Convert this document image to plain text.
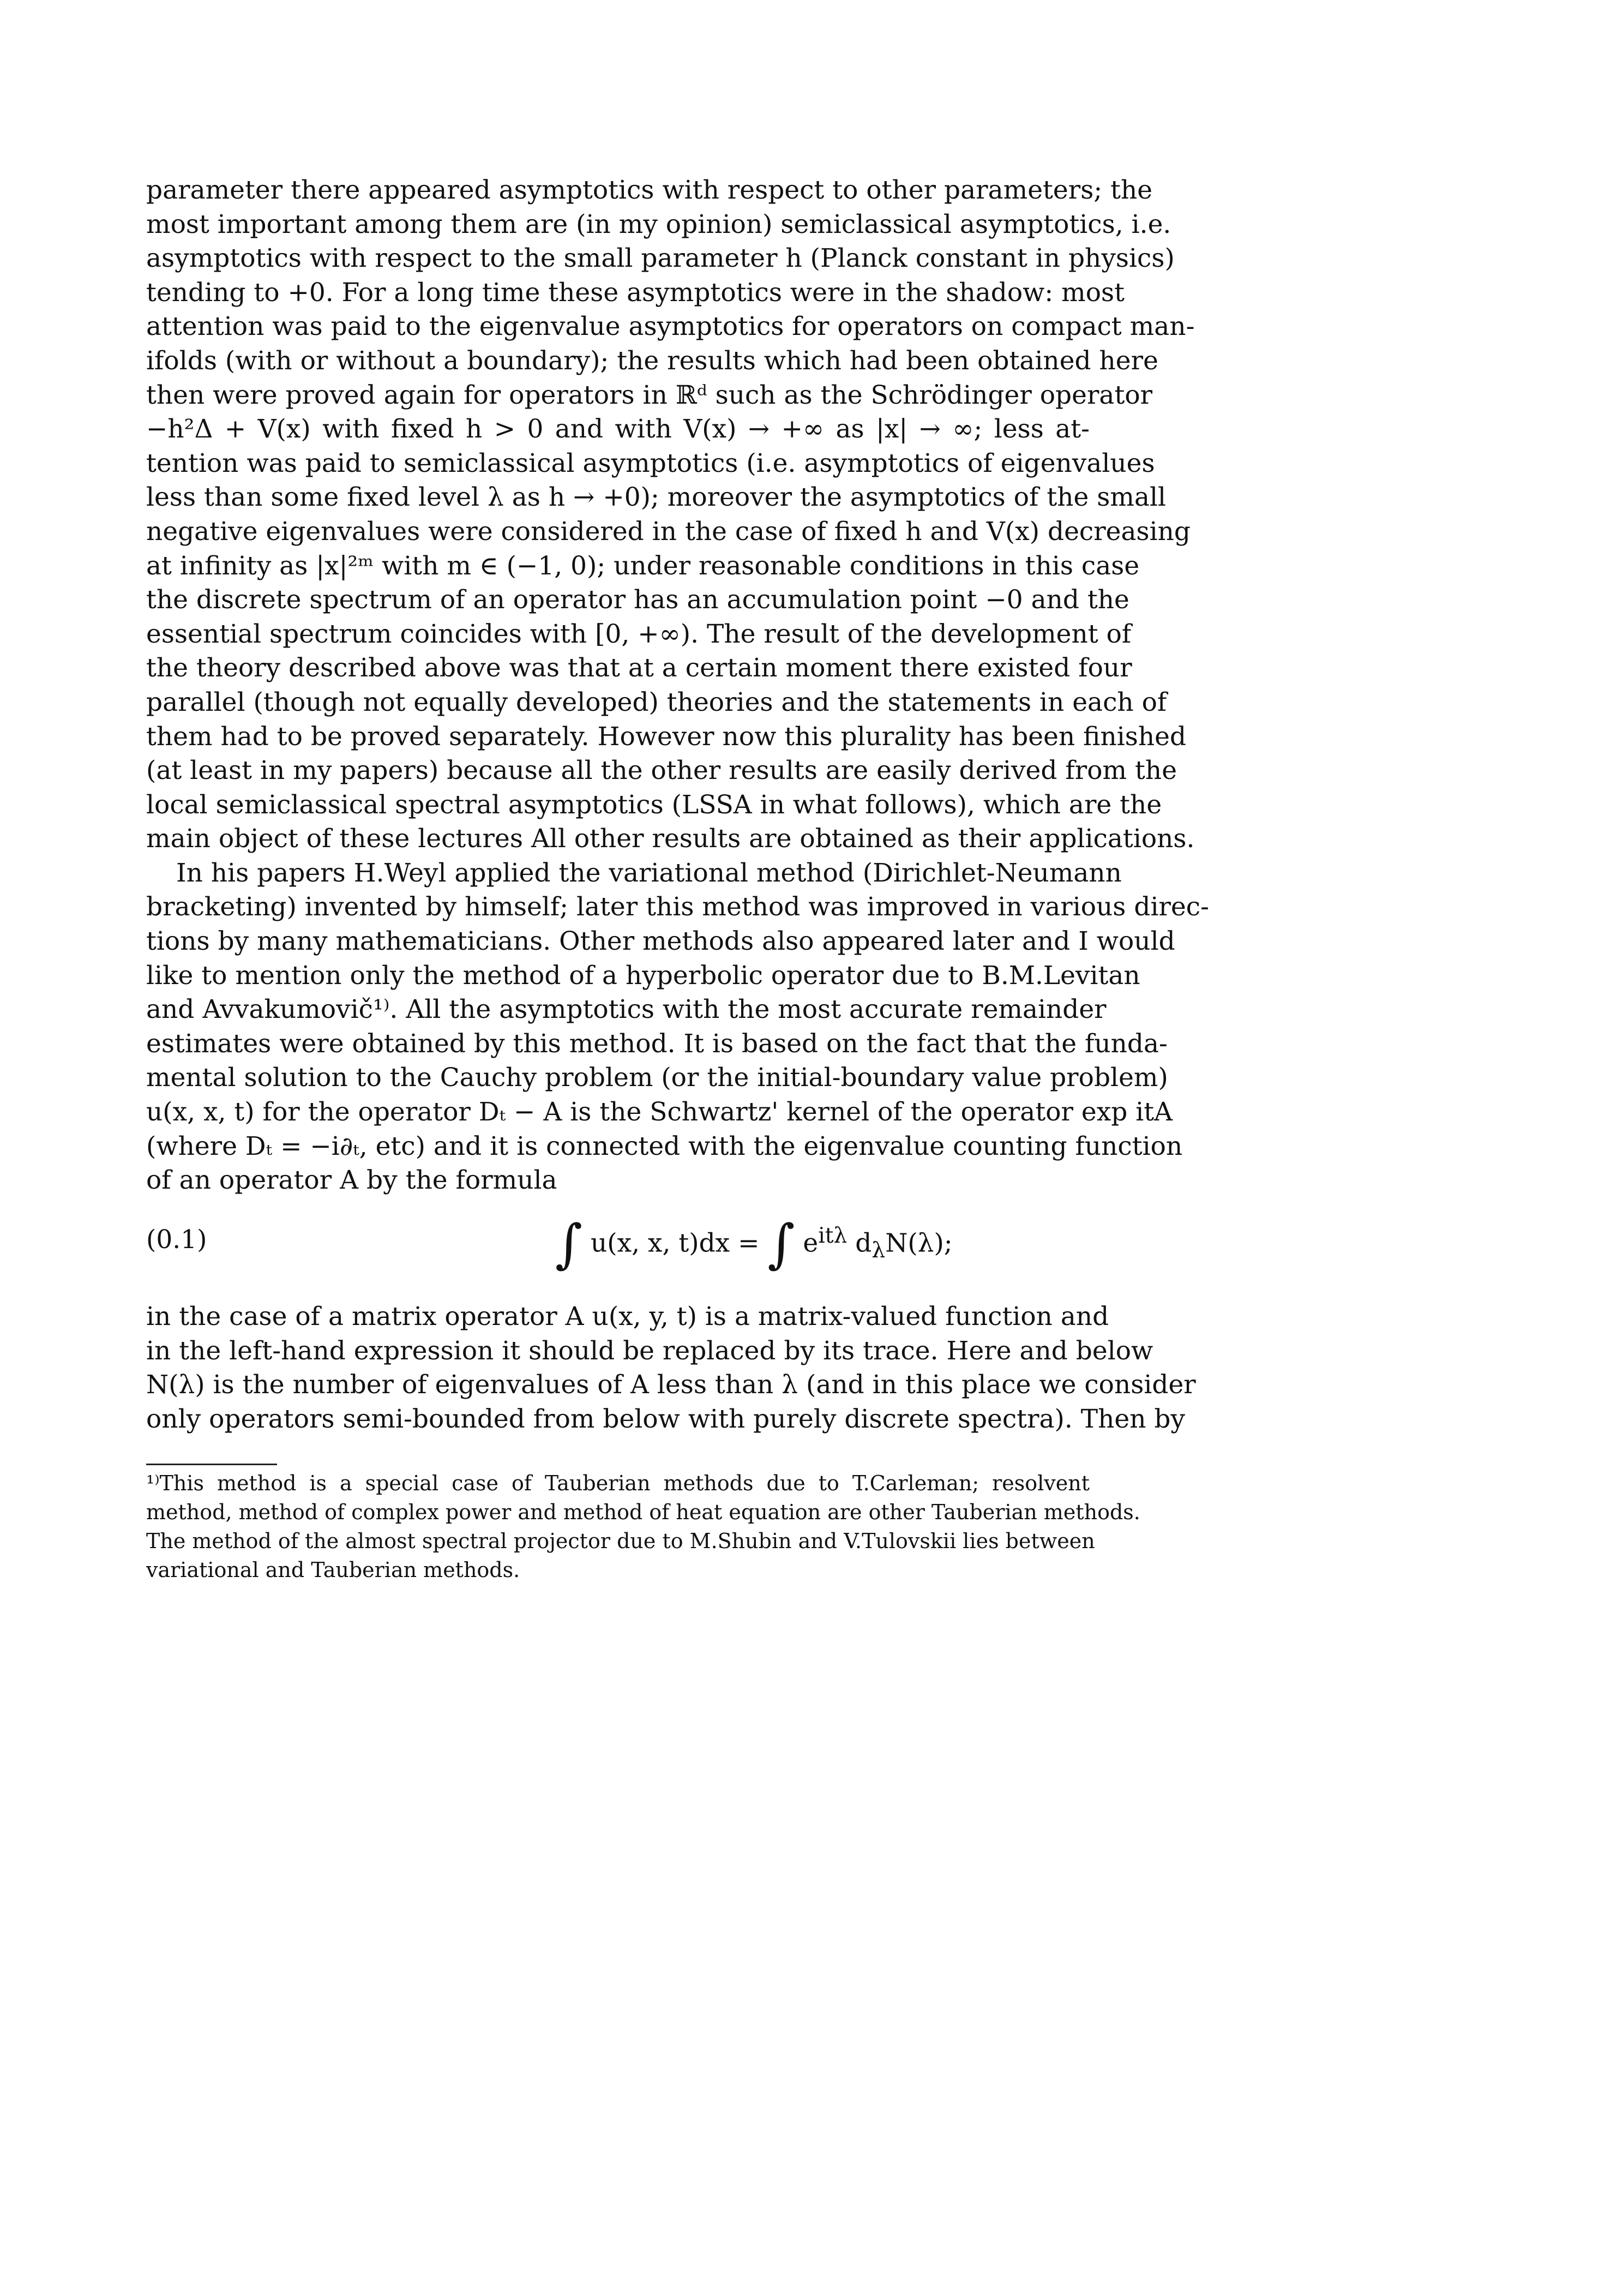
parameter there appeared asymptotics with respect to other parameters; the
most important among them are (in my opinion) semiclassical asymptotics, i.e.
asymptotics with respect to the small parameter h (Planck constant in physics)
tending to +0. For a long time these asymptotics were in the shadow: most
attention was paid to the eigenvalue asymptotics for operators on compact man-
ifolds (with or without a boundary); the results which had been obtained here
then were proved again for operators in ℝᵈ such as the Schrödinger operator
−h²Δ + V(x) with fixed h > 0 and with V(x) → +∞ as |x| → ∞; less at-
tention was paid to semiclassical asymptotics (i.e. asymptotics of eigenvalues
less than some fixed level λ as h → +0); moreover the asymptotics of the small
negative eigenvalues were considered in the case of fixed h and V(x) decreasing
at infinity as |x|²ᵐ with m ∈ (−1, 0); under reasonable conditions in this case
the discrete spectrum of an operator has an accumulation point −0 and the
essential spectrum coincides with [0, +∞). The result of the development of
the theory described above was that at a certain moment there existed four
parallel (though not equally developed) theories and the statements in each of
them had to be proved separately. However now this plurality has been finished
(at least in my papers) because all the other results are easily derived from the
local semiclassical spectral asymptotics (LSSA in what follows), which are the
main object of these lectures All other results are obtained as their applications.
In his papers H.Weyl applied the variational method (Dirichlet-Neumann
bracketing) invented by himself; later this method was improved in various direc-
tions by many mathematicians. Other methods also appeared later and I would
like to mention only the method of a hyperbolic operator due to B.M.Levitan
and Avvakumovič¹⁾. All the asymptotics with the most accurate remainder
estimates were obtained by this method. It is based on the fact that the funda-
mental solution to the Cauchy problem (or the initial-boundary value problem)
u(x, x, t) for the operator Dₜ − A is the Schwartz' kernel of the operator exp itA
(where Dₜ = −i∂ₜ, etc) and it is connected with the eigenvalue counting function
of an operator A by the formula
(0.1)	∫ u(x, x, t)dx = ∫ $e^{it\lambda}$ $d_\lambda N(\lambda)$;
in the case of a matrix operator A u(x, y, t) is a matrix-valued function and
in the left-hand expression it should be replaced by its trace. Here and below
N(λ) is the number of eigenvalues of A less than λ (and in this place we consider
only operators semi-bounded from below with purely discrete spectra). Then by
¹⁾This method is a special case of Tauberian methods due to T.Carleman; resolvent
method, method of complex power and method of heat equation are other Tauberian methods.
The method of the almost spectral projector due to M.Shubin and V.Tulovskii lies between
variational and Tauberian methods.
